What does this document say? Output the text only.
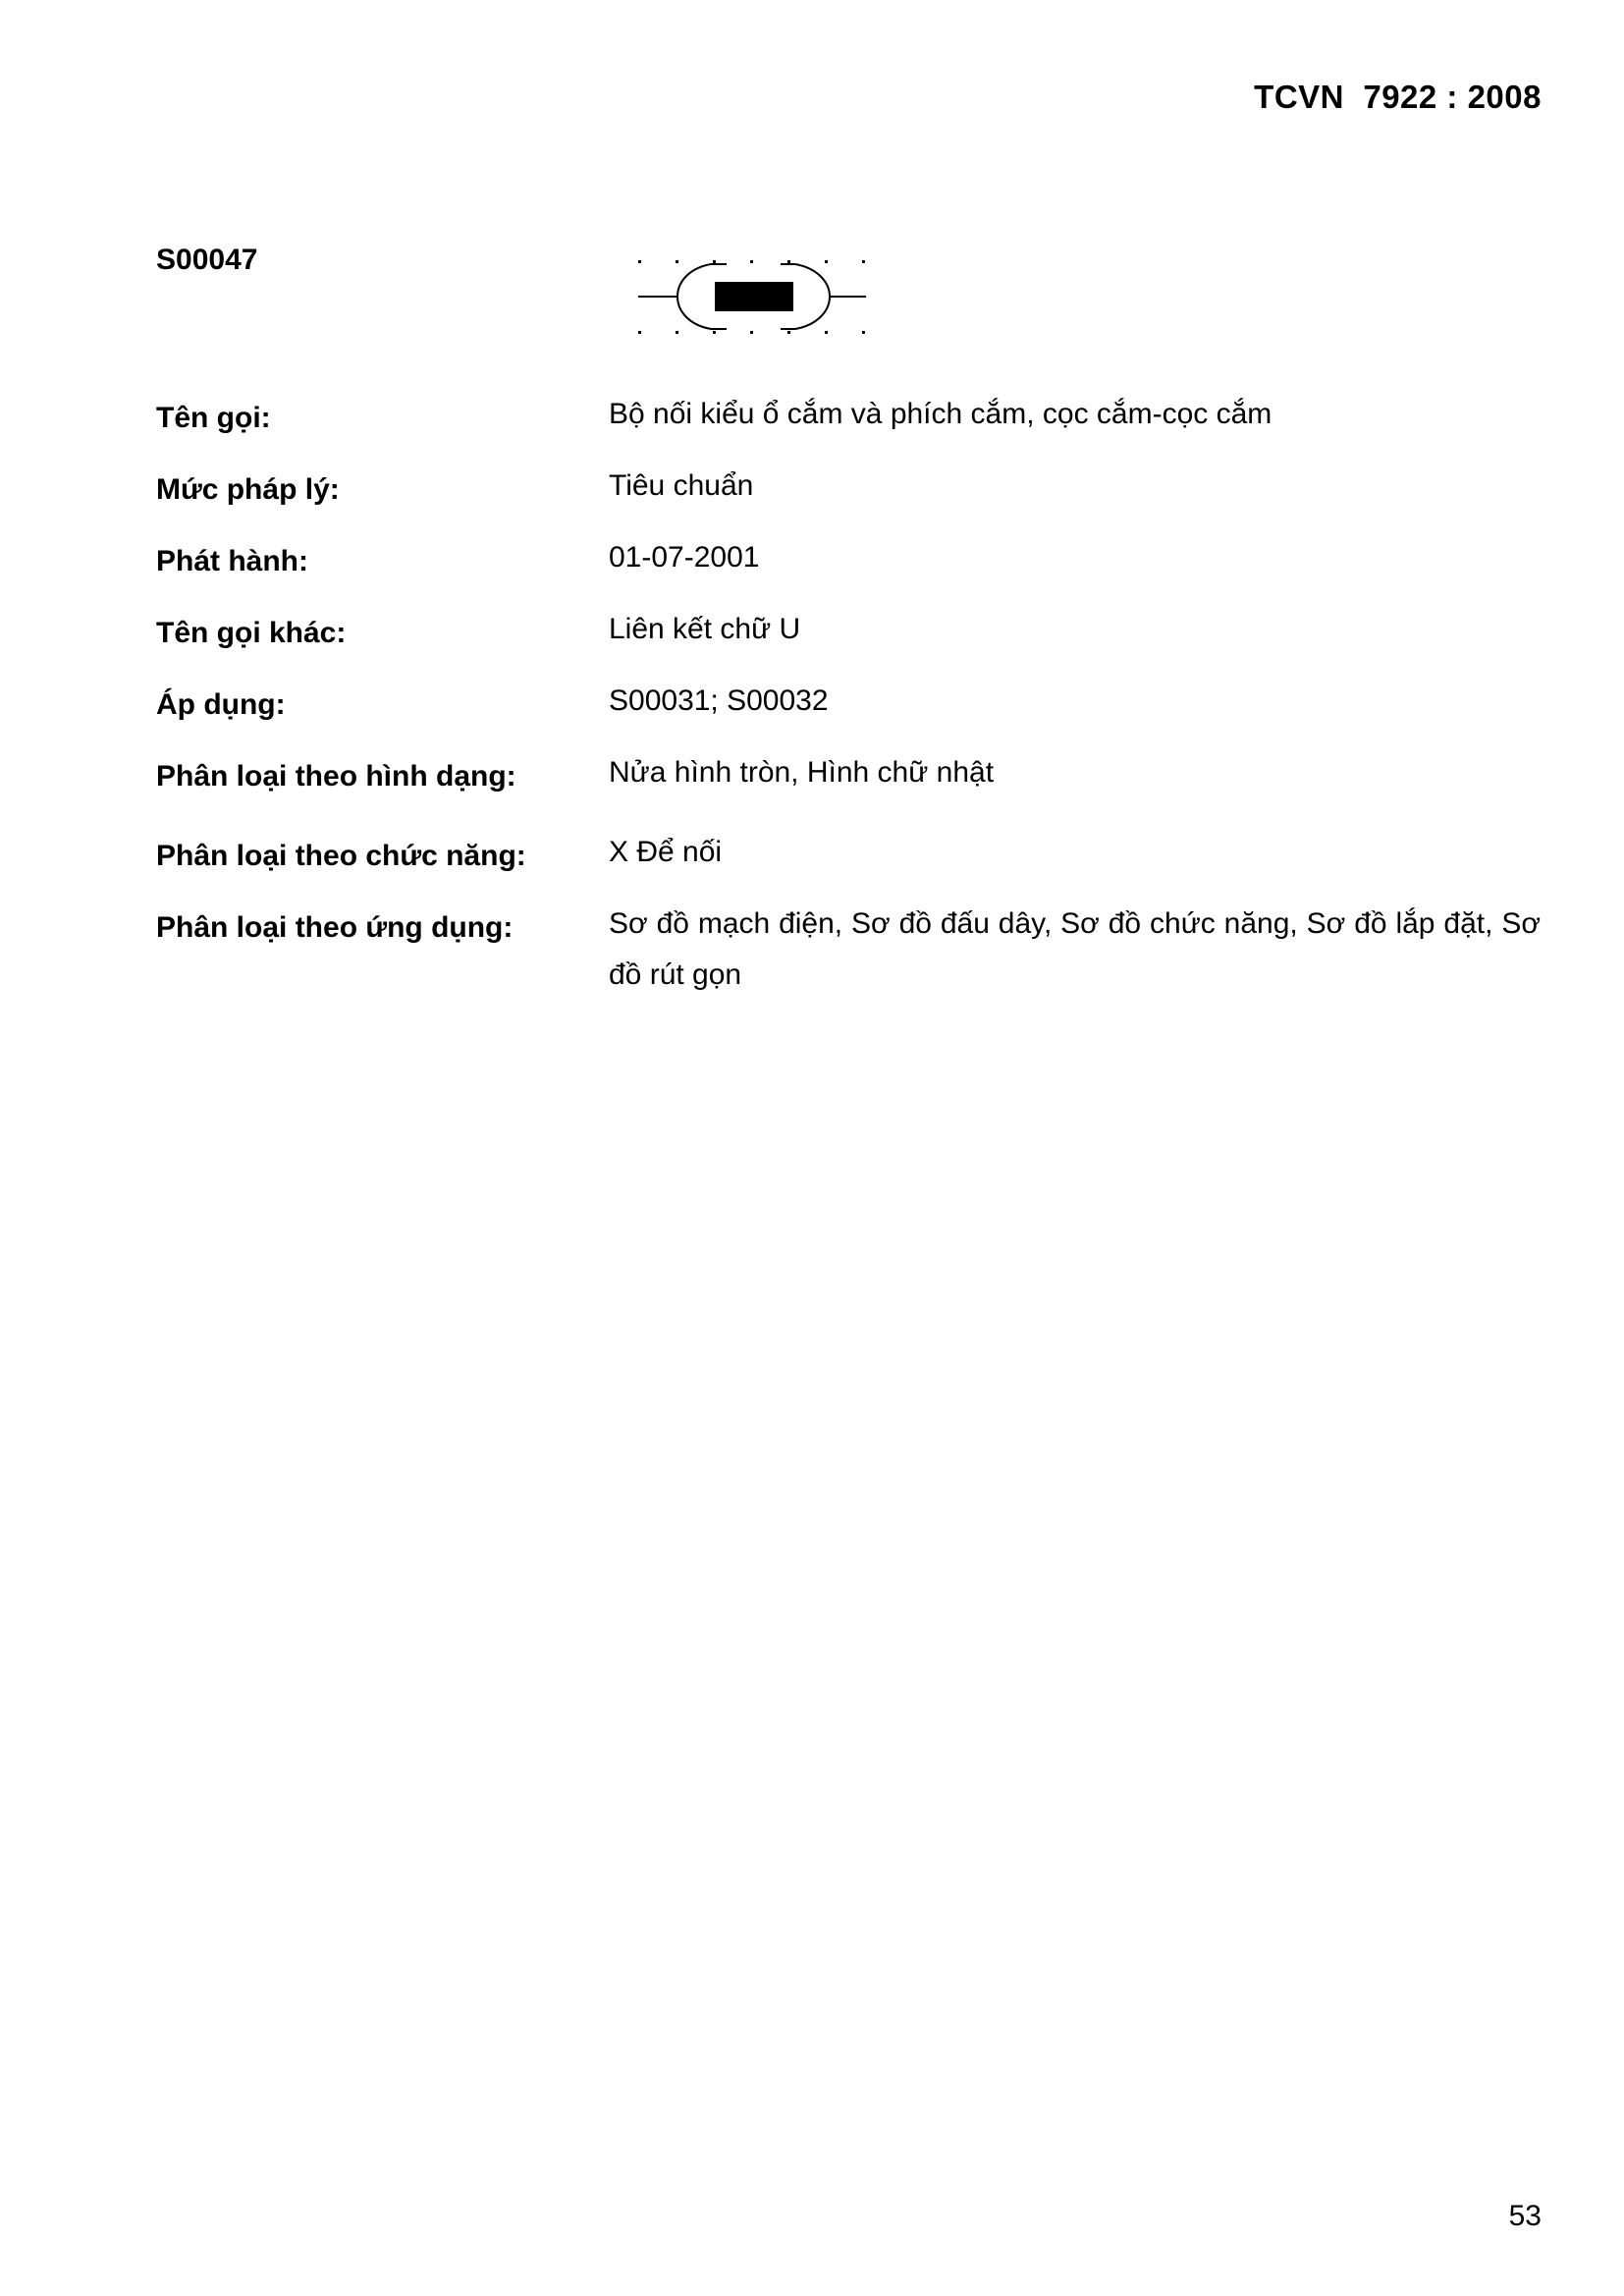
TCVN  7922 : 2008
S00047
Tên gọi:	Bộ nối kiểu ổ cắm và phích cắm, cọc cắm-cọc cắm
Mức pháp lý:	Tiêu chuẩn
Phát hành:	01-07-2001
Tên gọi khác:	Liên kết chữ U
Áp dụng:	S00031; S00032
Phân loại theo hình dạng:	Nửa hình tròn, Hình chữ nhật
Phân loại theo chức năng:	X Để nối
Phân loại theo ứng dụng:	Sơ đồ mạch điện, Sơ đồ đấu dây, Sơ đồ chức năng, Sơ đồ lắp đặt, Sơ đồ rút gọn
53
